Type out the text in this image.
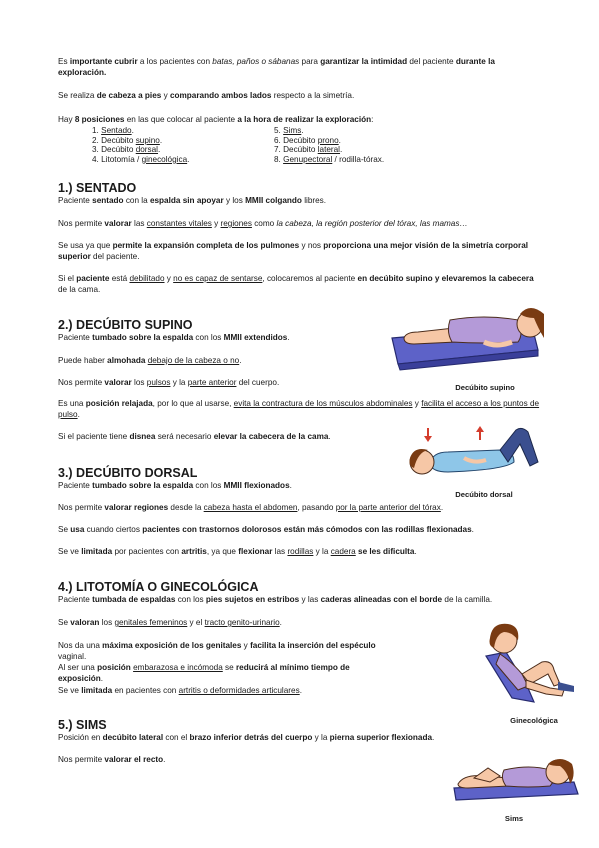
Es importante cubrir a los pacientes con batas, paños o sábanas para garantizar la intimidad del paciente durante la exploración.

Se realiza de cabeza a pies y comparando ambos lados respecto a la simetría.

Hay 8 posiciones en las que colocar al paciente a la hora de realizar la exploración:

1. Sentado.
2. Decúbito supino.
3. Decúbito dorsal.
4. Litotomía / ginecológica.
5. Sims.
6. Decúbito prono.
7. Decúbito lateral.
8. Genupectoral / rodilla-tórax.
1.) SENTADO

Paciente sentado con la espalda sin apoyar y los MMII colgando libres.

Nos permite valorar las constantes vitales y regiones como la cabeza, la región posterior del tórax, las mamas…

Se usa ya que permite la expansión completa de los pulmones y nos proporciona una mejor visión de la simetría corporal superior del paciente.

Si el paciente está debilitado y no es capaz de sentarse, colocaremos al paciente en decúbito supino y elevaremos la cabecera de la cama.

2.) DECÚBITO SUPINO

Paciente tumbado sobre la espalda con los MMII extendidos.

Puede haber almohada debajo de la cabeza o no.

Nos permite valorar los pulsos y la parte anterior del cuerpo.

Es una posición relajada, por lo que al usarse, evita la contractura de los músculos abdominales y facilita el acceso a los puntos de pulso.

Si el paciente tiene disnea será necesario elevar la cabecera de la cama.

Decúbito supino

3.) DECÚBITO DORSAL

Paciente tumbado sobre la espalda con los MMII flexionados.

Nos permite valorar regiones desde la cabeza hasta el abdomen, pasando por la parte anterior del tórax.

Se usa cuando ciertos pacientes con trastornos dolorosos están más cómodos con las rodillas flexionadas.

Se ve limitada por pacientes con artritis, ya que flexionar las rodillas y la cadera se les dificulta.

Decúbito dorsal

4.) LITOTOMÍA O GINECOLÓGICA

Paciente tumbada de espaldas con los pies sujetos en estribos y las caderas alineadas con el borde de la camilla.

Se valoran los genitales femeninos y el tracto genito-urinario.

Nos da una máxima exposición de los genitales y facilita la inserción del espéculo vaginal.

Al ser una posición embarazosa e incómoda se reducirá al mínimo tiempo de exposición.

Se ve limitada en pacientes con artritis o deformidades articulares.

Ginecológica

5.) SIMS

Posición en decúbito lateral con el brazo inferior detrás del cuerpo y la pierna superior flexionada.

Nos permite valorar el recto.

Sims
